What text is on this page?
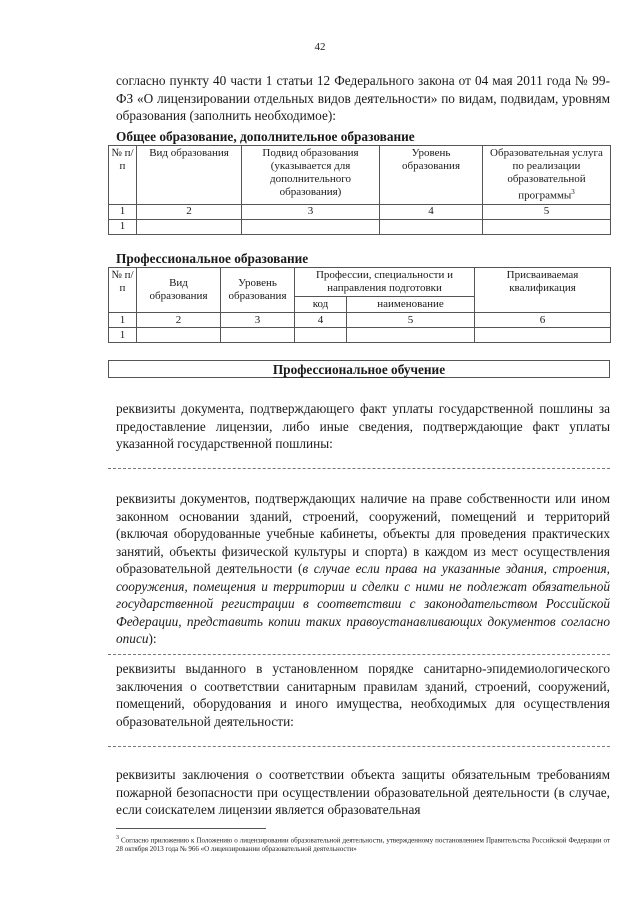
42
согласно пункту 40 части 1 статьи 12 Федерального закона от 04 мая 2011 года № 99-ФЗ «О лицензировании отдельных видов деятельности» по видам, подвидам, уровням образования (заполнить необходимое):
Общее образование, дополнительное образование
№ п/п	Вид образования	Подвид образования (указывается для дополнительного образования)	Уровень образования	Образовательная услуга по реализации образовательной программы$^3$
1	2	3	4	5
1				
Профессиональное образование
№ п/п	Вид образования	Уровень образования	Профессии, специальности и направления подготовки		Присваиваемая квалификация
			код	наименование	
1	2	3	4	5	6
1					
Профессиональное обучение
реквизиты документа, подтверждающего факт уплаты государственной пошлины за предоставление лицензии, либо иные сведения, подтверждающие факт уплаты указанной государственной пошлины:
реквизиты документов, подтверждающих наличие на праве собственности или ином законном основании зданий, строений, сооружений, помещений и территорий (включая оборудованные учебные кабинеты, объекты для проведения практических занятий, объекты физической культуры и спорта) в каждом из мест осуществления образовательной деятельности (в случае если права на указанные здания, строения, сооружения, помещения и территории и сделки с ними не подлежат обязательной государственной регистрации в соответствии с законодательством Российской Федерации, представить копии таких правоустанавливающих документов согласно описи):
реквизиты выданного в установленном порядке санитарно-эпидемиологического заключения о соответствии санитарным правилам зданий, строений, сооружений, помещений, оборудования и иного имущества, необходимых для осуществления образовательной деятельности:
реквизиты заключения о соответствии объекта защиты обязательным требованиям пожарной безопасности при осуществлении образовательной деятельности (в случае, если соискателем лицензии является образовательная
$^3$ Согласно приложению к Положению о лицензировании образовательной деятельности, утвержденному постановлением Правительства Российской Федерации от 28 октября 2013 года № 966 «О лицензировании образовательной деятельности»
